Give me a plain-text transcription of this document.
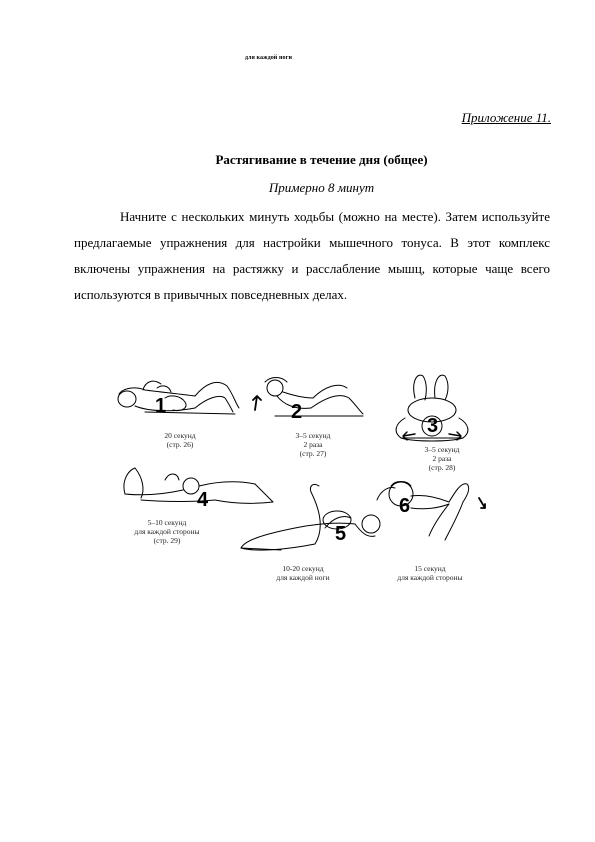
для каждой ноги
Приложение 11.
Растягивание в течение дня (общее)
Примерно 8 минут
Начните с нескольких минуть ходьбы (можно на месте). Затем используйте предлагаемые упражнения для настройки мышечного тонуса. В этот комплекс включены упражнения на растяжку и расслабление мышц, которые чаще всего используются в привычных повседневных делах.
1	2
3
4
5
6
20 секунд
(стр. 26)
3–5 секунд
2 раза
(стр. 27)	3–5 секунд
2 раза
(стр. 28)
5–10 секунд
для каждой стороны
(стр. 29)
10-20 секунд
для каждой ноги
15 секунд
для каждой стороны
